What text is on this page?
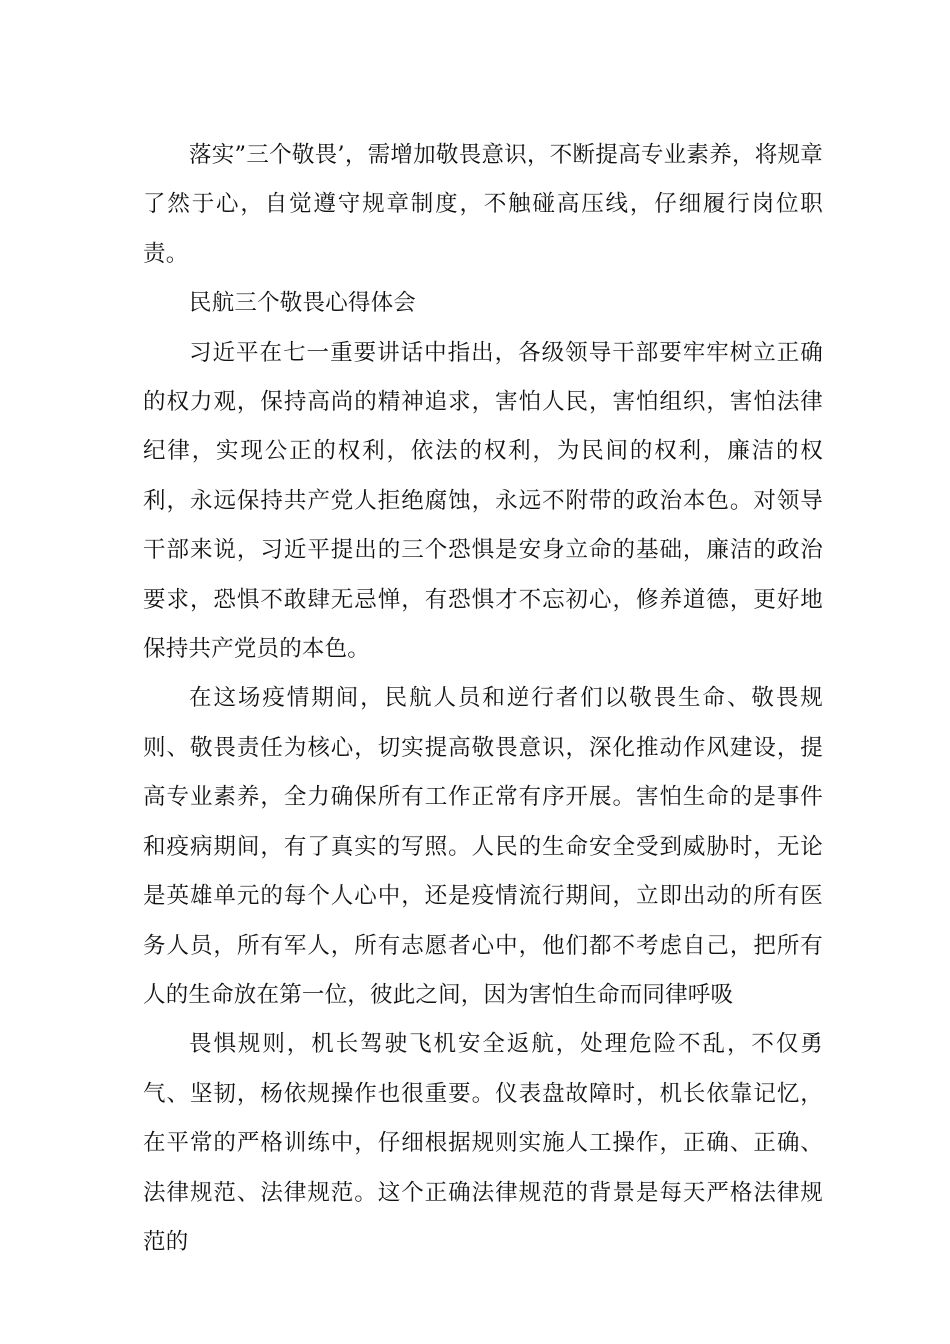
落实”三个敬畏’，需增加敬畏意识，不断提高专业素养，将规章了然于心，自觉遵守规章制度，不触碰高压线，仔细履行岗位职责。

民航三个敬畏心得体会

习近平在七一重要讲话中指出，各级领导干部要牢牢树立正确的权力观，保持高尚的精神追求，害怕人民，害怕组织，害怕法律纪律，实现公正的权利，依法的权利，为民间的权利，廉洁的权利，永远保持共产党人拒绝腐蚀，永远不附带的政治本色。对领导干部来说，习近平提出的三个恐惧是安身立命的基础，廉洁的政治要求，恐惧不敢肆无忌惮，有恐惧才不忘初心，修养道德，更好地保持共产党员的本色。

在这场疫情期间，民航人员和逆行者们以敬畏生命、敬畏规则、敬畏责任为核心，切实提高敬畏意识，深化推动作风建设，提高专业素养，全力确保所有工作正常有序开展。害怕生命的是事件和疫病期间，有了真实的写照。人民的生命安全受到威胁时，无论是英雄单元的每个人心中，还是疫情流行期间，立即出动的所有医务人员，所有军人，所有志愿者心中，他们都不考虑自己，把所有人的生命放在第一位，彼此之间，因为害怕生命而同律呼吸

畏惧规则，机长驾驶飞机安全返航，处理危险不乱，不仅勇气、坚韧，杨依规操作也很重要。仪表盘故障时，机长依靠记忆，在平常的严格训练中，仔细根据规则实施人工操作，正确、正确、法律规范、法律规范。这个正确法律规范的背景是每天严格法律规范的
